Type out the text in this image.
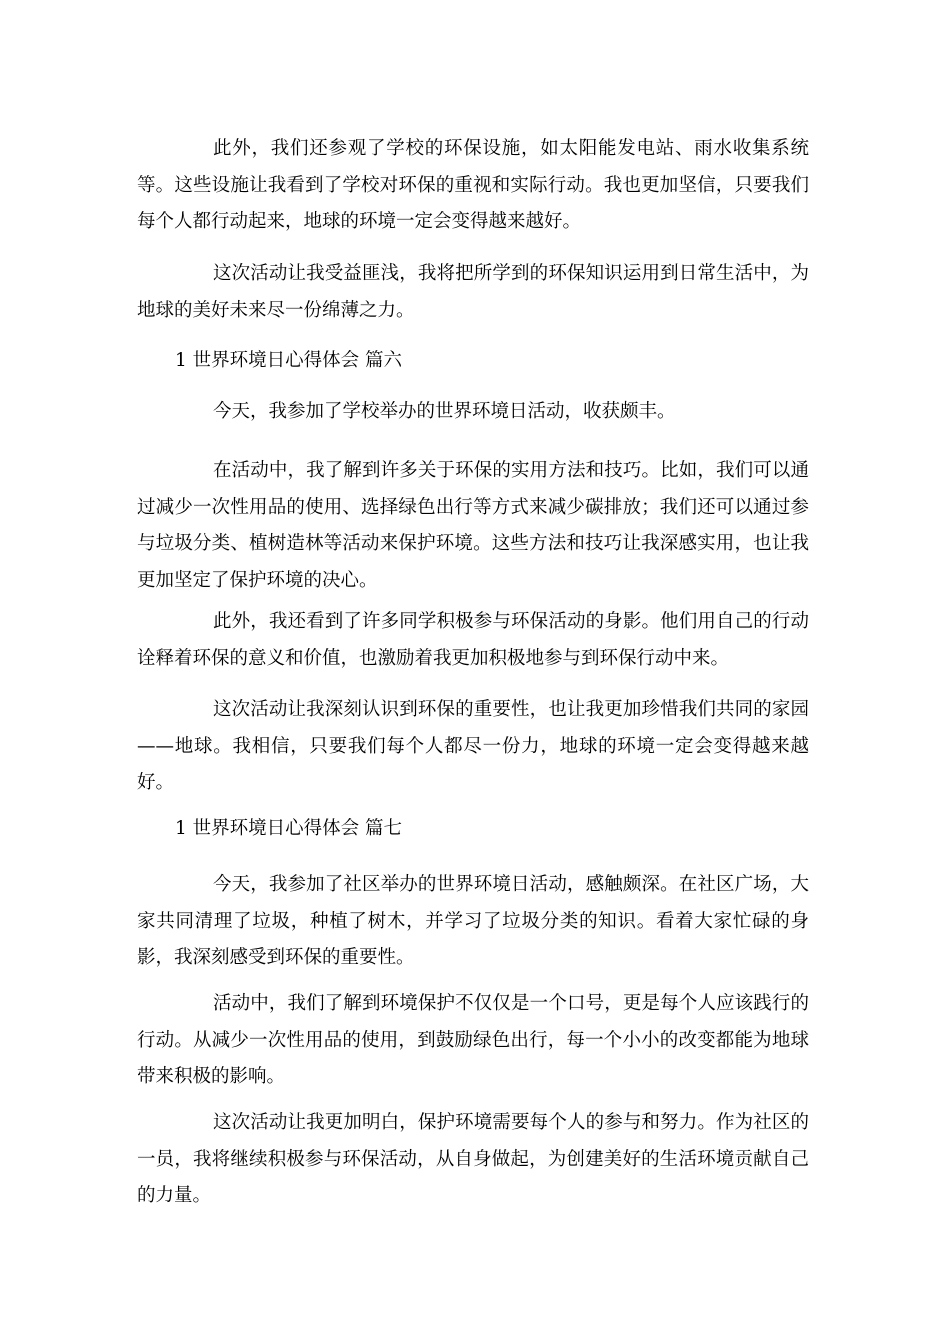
此外，我们还参观了学校的环保设施，如太阳能发电站、雨水收集系统等。这些设施让我看到了学校对环保的重视和实际行动。我也更加坚信，只要我们每个人都行动起来，地球的环境一定会变得越来越好。

这次活动让我受益匪浅，我将把所学到的环保知识运用到日常生活中，为地球的美好未来尽一份绵薄之力。

1 世界环境日心得体会 篇六

今天，我参加了学校举办的世界环境日活动，收获颇丰。

在活动中，我了解到许多关于环保的实用方法和技巧。比如，我们可以通过减少一次性用品的使用、选择绿色出行等方式来减少碳排放；我们还可以通过参与垃圾分类、植树造林等活动来保护环境。这些方法和技巧让我深感实用，也让我更加坚定了保护环境的决心。

此外，我还看到了许多同学积极参与环保活动的身影。他们用自己的行动诠释着环保的意义和价值，也激励着我更加积极地参与到环保行动中来。

这次活动让我深刻认识到环保的重要性，也让我更加珍惜我们共同的家园——地球。我相信，只要我们每个人都尽一份力，地球的环境一定会变得越来越好。

1 世界环境日心得体会 篇七

今天，我参加了社区举办的世界环境日活动，感触颇深。在社区广场，大家共同清理了垃圾，种植了树木，并学习了垃圾分类的知识。看着大家忙碌的身影，我深刻感受到环保的重要性。

活动中，我们了解到环境保护不仅仅是一个口号，更是每个人应该践行的行动。从减少一次性用品的使用，到鼓励绿色出行，每一个小小的改变都能为地球带来积极的影响。

这次活动让我更加明白，保护环境需要每个人的参与和努力。作为社区的一员，我将继续积极参与环保活动，从自身做起，为创建美好的生活环境贡献自己的力量。
